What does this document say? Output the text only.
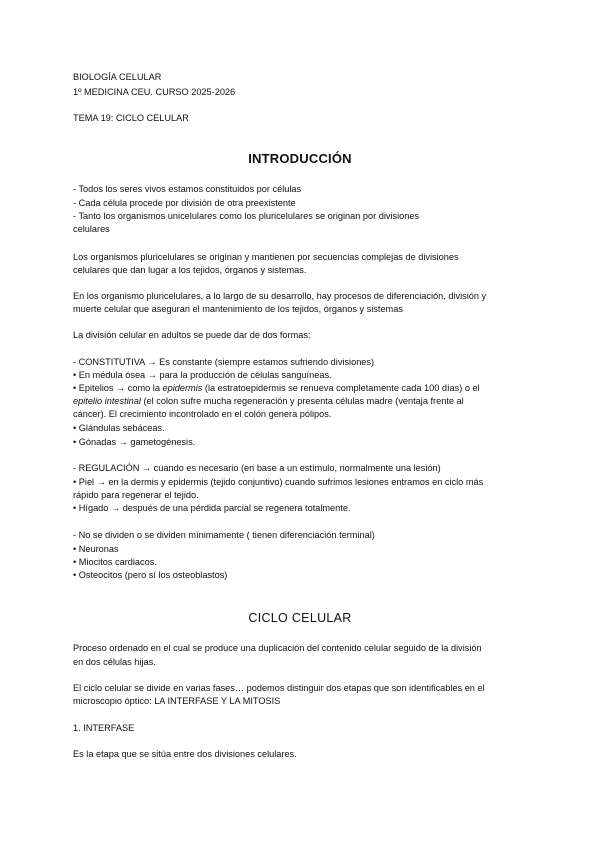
BIOLOGÍA CELULAR

1º MEDICINA CEU. CURSO 2025-2026

TEMA 19: CICLO CELULAR

INTRODUCCIÓN

- Todos los seres vivos estamos constituidos por células

- Cada célula procede por división de otra preexistente

- Tanto los organismos unicelulares como los pluricelulares se originan por divisiones

celulares

Los organismos pluricelulares se originan y mantienen por secuencias complejas de divisiones

celulares que dan lugar a los tejidos, órganos y sistemas.

En los organismo pluricelulares, a lo largo de su desarrollo, hay procesos de diferenciación, división y

muerte celular que aseguran el mantenimiento de los tejidos, órganos y sistemas

La división celular en adultos se puede dar de dos formas:

- CONSTITUTIVA → Es constante (siempre estamos sufriendo divisiones)

• En médula ósea → para la producción de células sanguíneas.

• Epitelios → como la epidermis (la estratoepidermis se renueva completamente cada 100 días) o el

epitelio intestinal (el colon sufre mucha regeneración y presenta células madre (ventaja frente al

cáncer). El crecimiento incontrolado en el colón genera pólipos.

• Glándulas sebáceas.

• Gónadas → gametogénesis.

- REGULACIÓN → cuando es necesario (en base a un estímulo, normalmente una lesión)

• Piel → en la dermis y epidermis (tejido conjuntivo) cuando sufrimos lesiones entramos en ciclo más

rápido para regenerar el tejido.

• Hígado → después de una pérdida parcial se regenera totalmente.

- No se dividen o se dividen mínimamente ( tienen diferenciación terminal)

• Neuronas

• Miocitos cardiacos.

• Osteocitos (pero sí los osteoblastos)

CICLO CELULAR

Proceso ordenado en el cual se produce una duplicación del contenido celular seguido de la división

en dos células hijas.

El ciclo celular se divide en varias fases… podemos distinguir dos etapas que son identificables en el

microscopio óptico: LA INTERFASE Y LA MITOSIS

1. INTERFASE

Es la etapa que se sitúa entre dos divisiones celulares.
